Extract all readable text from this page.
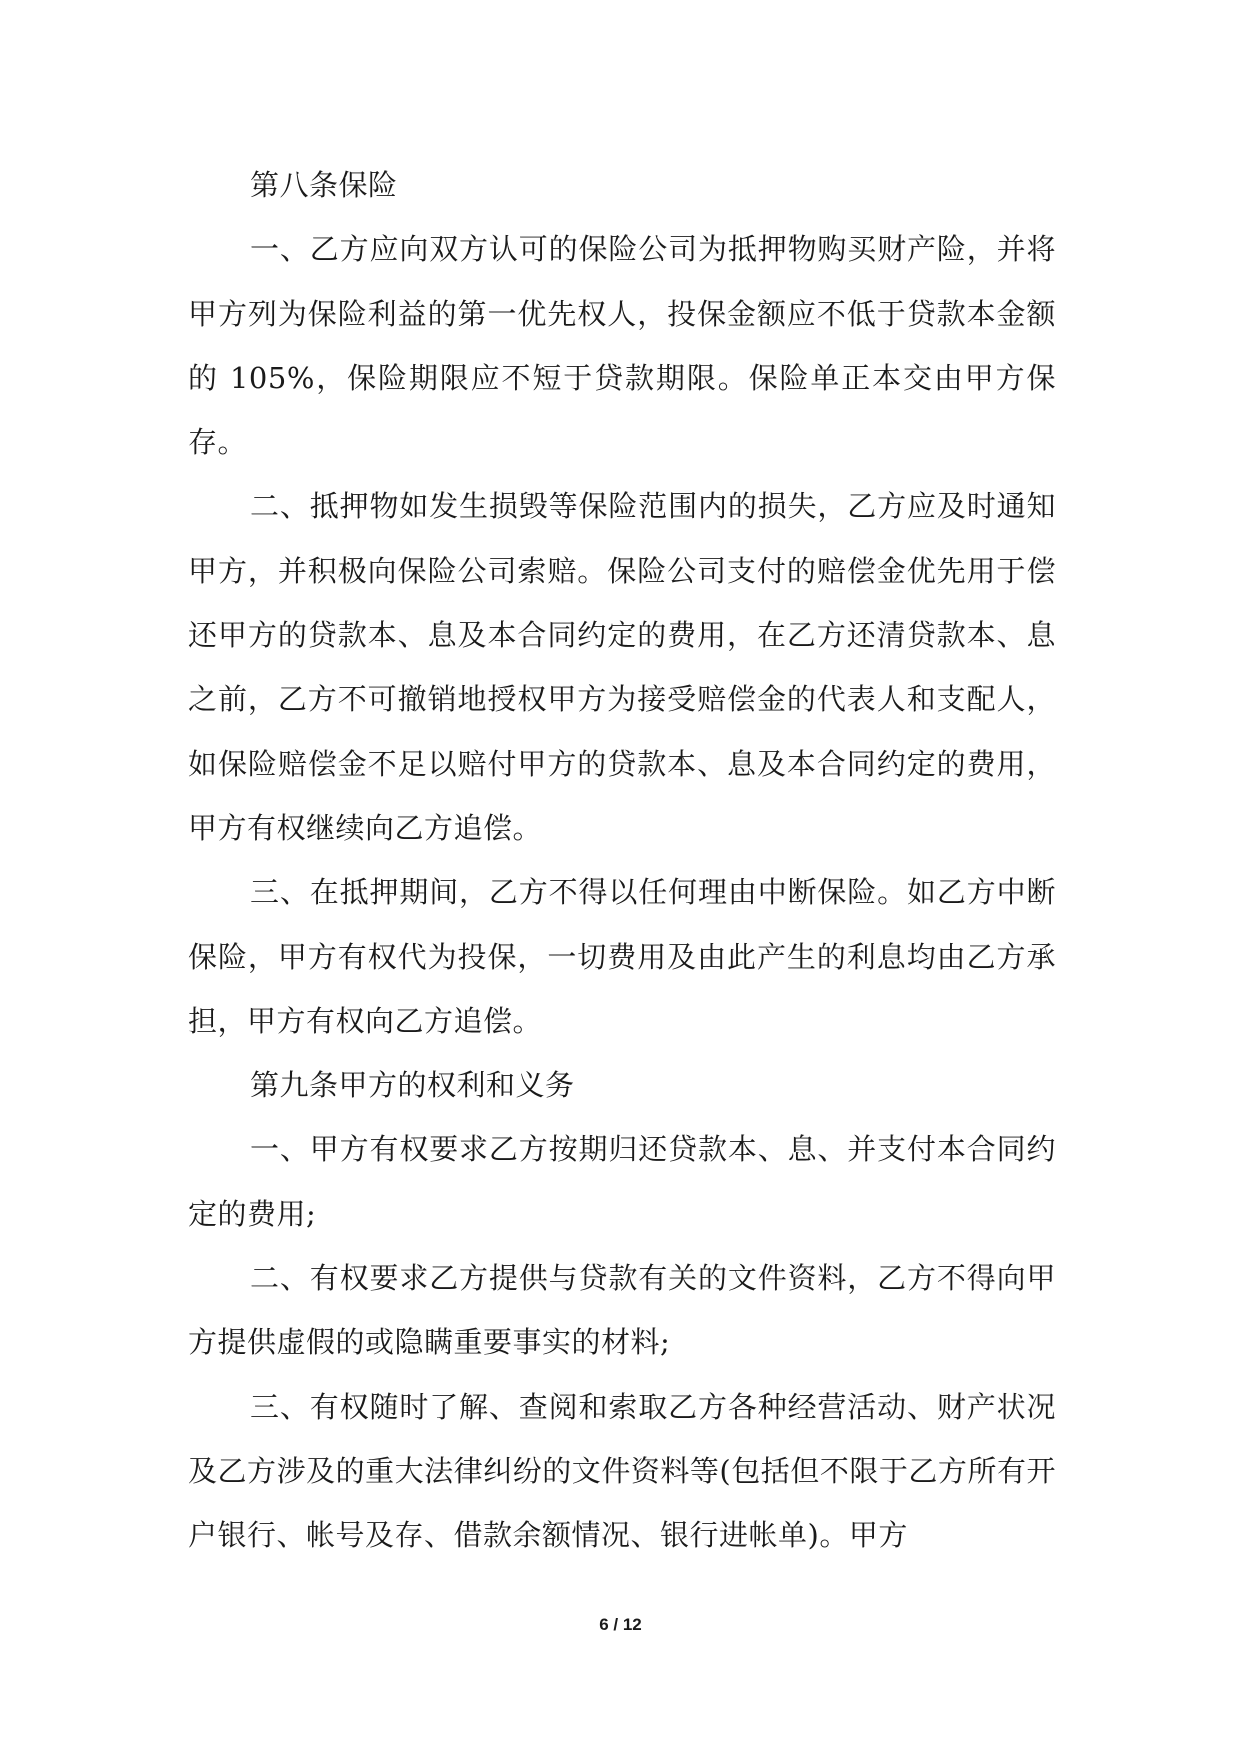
第八条保险

一、乙方应向双方认可的保险公司为抵押物购买财产险，并将甲方列为保险利益的第一优先权人，投保金额应不低于贷款本金额的 105%，保险期限应不短于贷款期限。保险单正本交由甲方保存。

二、抵押物如发生损毁等保险范围内的损失，乙方应及时通知甲方，并积极向保险公司索赔。保险公司支付的赔偿金优先用于偿还甲方的贷款本、息及本合同约定的费用，在乙方还清贷款本、息之前，乙方不可撤销地授权甲方为接受赔偿金的代表人和支配人，如保险赔偿金不足以赔付甲方的贷款本、息及本合同约定的费用，甲方有权继续向乙方追偿。

三、在抵押期间，乙方不得以任何理由中断保险。如乙方中断保险，甲方有权代为投保，一切费用及由此产生的利息均由乙方承担，甲方有权向乙方追偿。

第九条甲方的权利和义务

一、甲方有权要求乙方按期归还贷款本、息、并支付本合同约定的费用;

二、有权要求乙方提供与贷款有关的文件资料，乙方不得向甲方提供虚假的或隐瞒重要事实的材料;

三、有权随时了解、查阅和索取乙方各种经营活动、财产状况及乙方涉及的重大法律纠纷的文件资料等(包括但不限于乙方所有开户银行、帐号及存、借款余额情况、银行进帐单)。甲方

6 / 12
